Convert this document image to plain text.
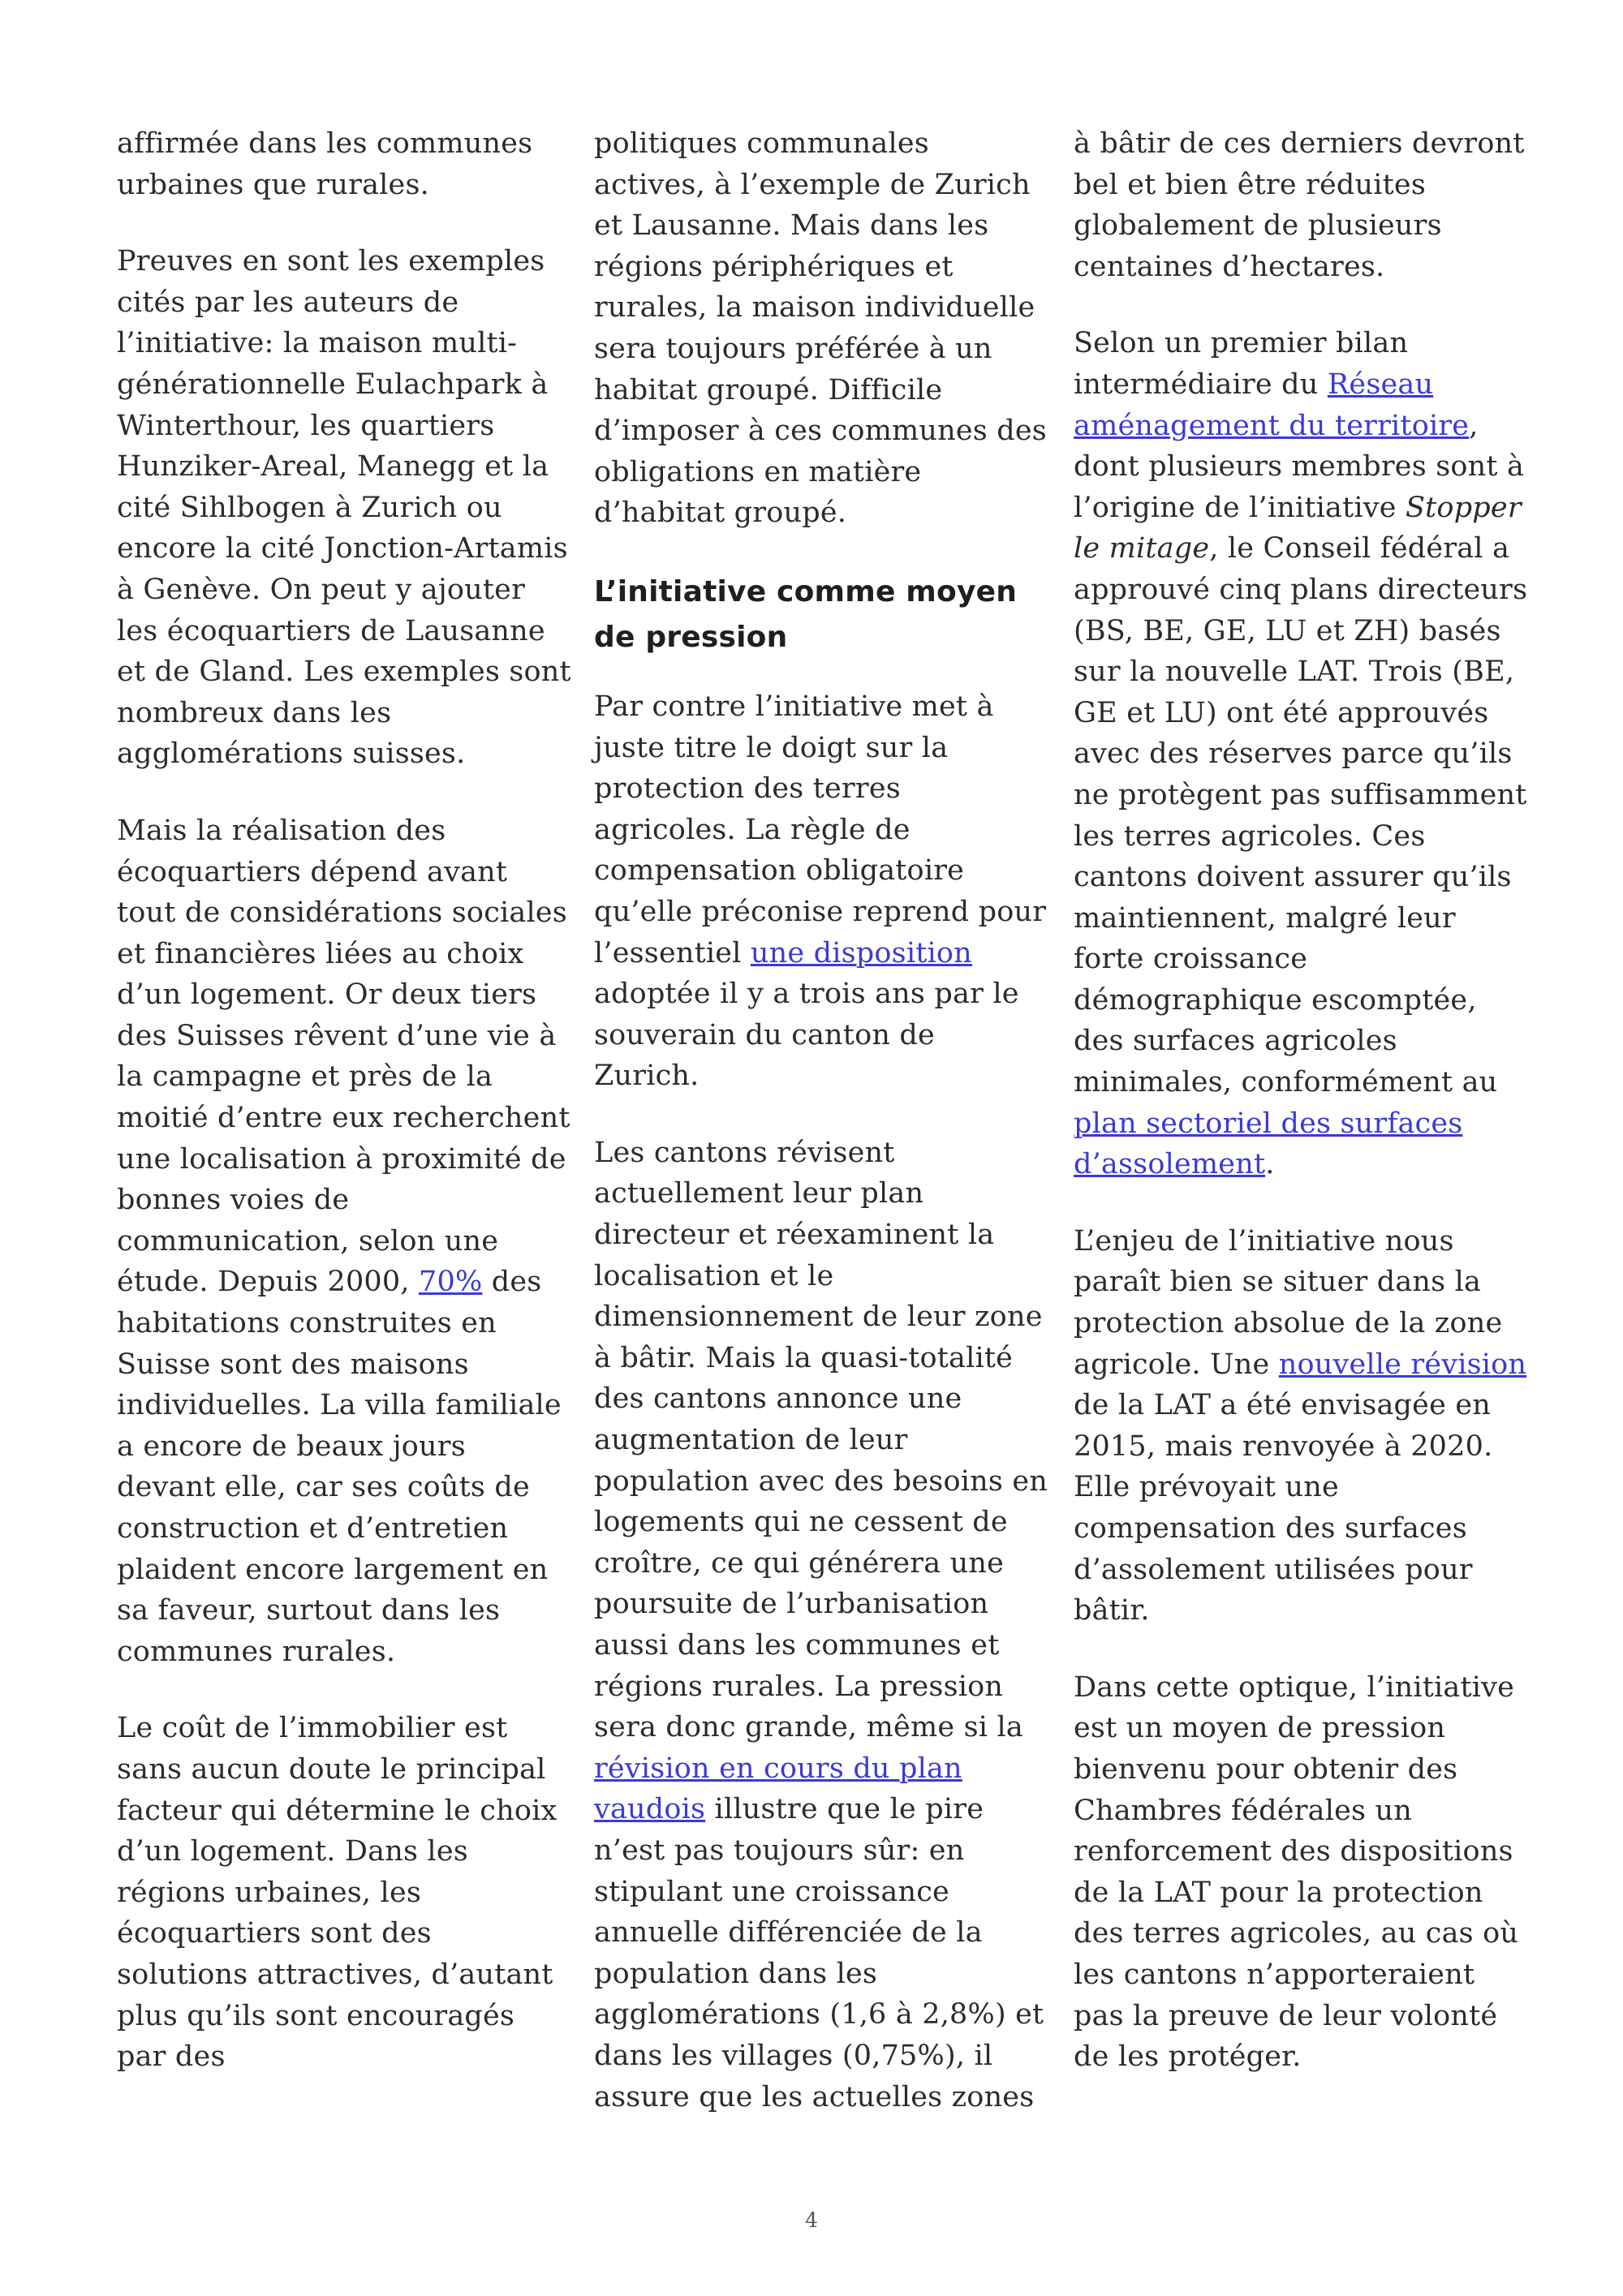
affirmée dans les communes urbaines que rurales.

Preuves en sont les exemples cités par les auteurs de l’initiative: la maison multi-générationnelle Eulachpark à Winterthour, les quartiers Hunziker-Areal, Manegg et la cité Sihlbogen à Zurich ou encore la cité Jonction-Artamis à Genève. On peut y ajouter les écoquartiers de Lausanne et de Gland. Les exemples sont nombreux dans les agglomérations suisses.

Mais la réalisation des écoquartiers dépend avant tout de considérations sociales et financières liées au choix d’un logement. Or deux tiers des Suisses rêvent d’une vie à la campagne et près de la moitié d’entre eux recherchent une localisation à proximité de bonnes voies de communication, selon une étude. Depuis 2000, 70% des habitations construites en Suisse sont des maisons individuelles. La villa familiale a encore de beaux jours devant elle, car ses coûts de construction et d’entretien plaident encore largement en sa faveur, surtout dans les communes rurales.

Le coût de l’immobilier est sans aucun doute le principal facteur qui détermine le choix d’un logement. Dans les régions urbaines, les écoquartiers sont des solutions attractives, d’autant plus qu’ils sont encouragés par des

politiques communales actives, à l’exemple de Zurich et Lausanne. Mais dans les régions périphériques et rurales, la maison individuelle sera toujours préférée à un habitat groupé. Difficile d’imposer à ces communes des obligations en matière d’habitat groupé.

L’initiative comme moyen de pression

Par contre l’initiative met à juste titre le doigt sur la protection des terres agricoles. La règle de compensation obligatoire qu’elle préconise reprend pour l’essentiel une disposition adoptée il y a trois ans par le souverain du canton de Zurich.

Les cantons révisent actuellement leur plan directeur et réexaminent la localisation et le dimensionnement de leur zone à bâtir. Mais la quasi-totalité des cantons annonce une augmentation de leur population avec des besoins en logements qui ne cessent de croître, ce qui générera une poursuite de l’urbanisation aussi dans les communes et régions rurales. La pression sera donc grande, même si la révision en cours du plan vaudois illustre que le pire n’est pas toujours sûr: en stipulant une croissance annuelle différenciée de la population dans les agglomérations (1,6 à 2,8%) et dans les villages (0,75%), il assure que les actuelles zones

à bâtir de ces derniers devront bel et bien être réduites globalement de plusieurs centaines d’hectares.

Selon un premier bilan intermédiaire du Réseau aménagement du territoire, dont plusieurs membres sont à l’origine de l’initiative Stopper le mitage, le Conseil fédéral a approuvé cinq plans directeurs (BS, BE, GE, LU et ZH) basés sur la nouvelle LAT. Trois (BE, GE et LU) ont été approuvés avec des réserves parce qu’ils ne protègent pas suffisamment les terres agricoles. Ces cantons doivent assurer qu’ils maintiennent, malgré leur forte croissance démographique escomptée, des surfaces agricoles minimales, conformément au plan sectoriel des surfaces d’assolement.

L’enjeu de l’initiative nous paraît bien se situer dans la protection absolue de la zone agricole. Une nouvelle révision de la LAT a été envisagée en 2015, mais renvoyée à 2020. Elle prévoyait une compensation des surfaces d’assolement utilisées pour bâtir.

Dans cette optique, l’initiative est un moyen de pression bienvenu pour obtenir des Chambres fédérales un renforcement des dispositions de la LAT pour la protection des terres agricoles, au cas où les cantons n’apporteraient pas la preuve de leur volonté de les protéger.

4
